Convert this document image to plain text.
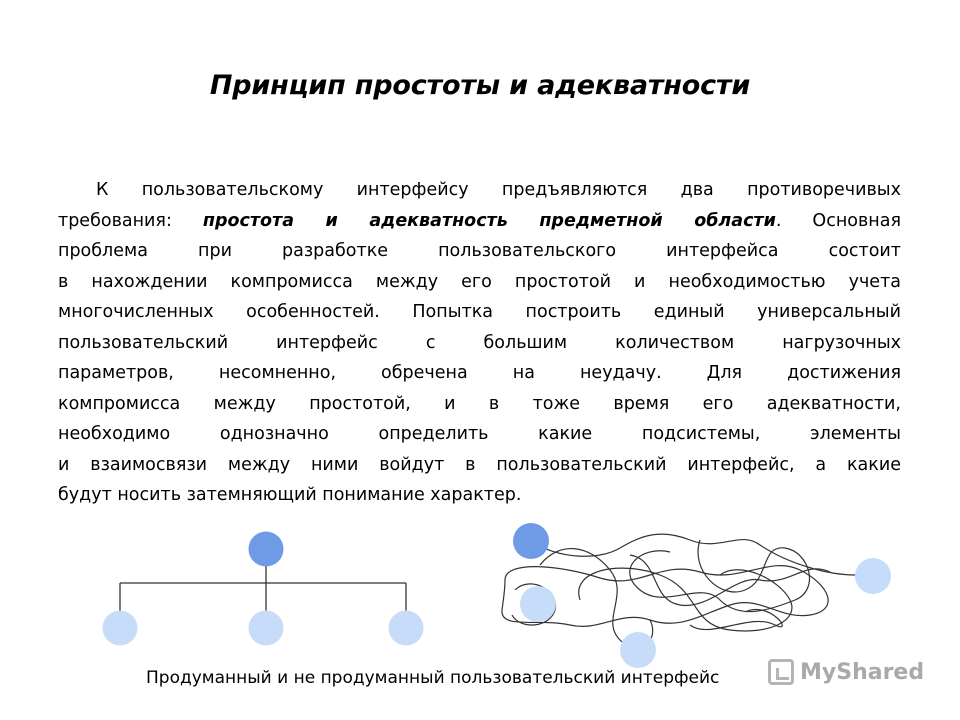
Принцип простоты и адекватности
К пользовательскому интерфейсу предъявляются два противоречивых
требования: простота и адекватность предметной области. Основная
проблема при разработке пользовательского интерфейса состоит
в нахождении компромисса между его простотой и необходимостью учета
многочисленных особенностей. Попытка построить единый универсальный
пользовательский интерфейс с большим количеством нагрузочных
параметров, несомненно, обречена на неудачу. Для достижения
компромисса между простотой, и в тоже время его адекватности,
необходимо однозначно определить какие подсистемы, элементы
и взаимосвязи между ними войдут в пользовательский интерфейс, а какие
будут носить затемняющий понимание характер.
Продуманный и не продуманный пользовательский интерфейс	MyShared
